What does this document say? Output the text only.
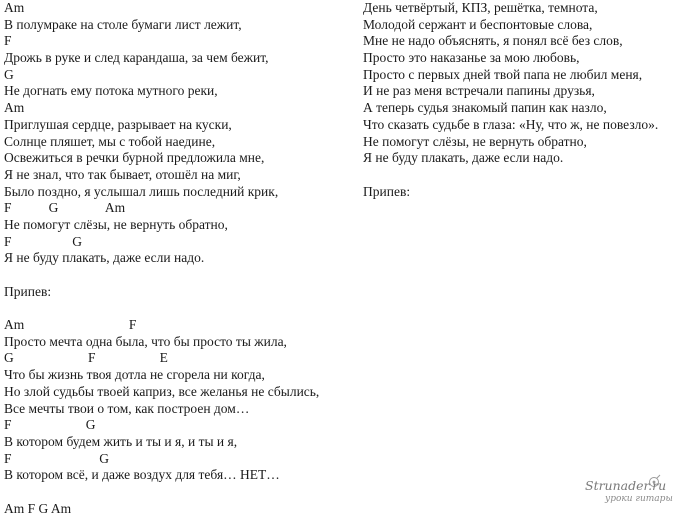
Am
В полумраке на столе бумаги лист лежит,
F
Дрожь в руке и след карандаша, за чем бежит,
G
Не догнать ему потока мутного реки,
Am
Приглушая сердце, разрывает на куски,
Солнце пляшет, мы с тобой наедине,
Освежиться в речки бурной предложила мне,
Я не знал, что так бывает, отошёл на миг,
Было поздно, я услышал лишь последний крик,
F           G              Am
Не помогут слёзы, не вернуть обратно,
F                  G
Я не буду плакать, даже если надо.
Припев:
Am                               F
Просто мечта одна была, что бы просто ты жила,
G                      F                   E
Что бы жизнь твоя дотла не сгорела ни когда,
Но злой судьбы твоей каприз, все желанья не сбылись,
Все мечты твои о том, как построен дом…
F                      G
В котором будем жить и ты и я, и ты и я,
F                          G
В котором всё, и даже воздух для тебя… НЕТ…
Am F G Am
День четвёртый, КПЗ, решётка, темнота,
Молодой сержант и беспонтовые слова,
Мне не надо объяснять, я понял всё без слов,
Просто это наказанье за мою любовь,
Просто с первых дней твой папа не любил меня,
И не раз меня встречали папины друзья,
А теперь судья знакомый папин как назло,
Что сказать судьбе в глаза: «Ну, что ж, не повезло».
Не помогут слёзы, не вернуть обратно,
Я не буду плакать, даже если надо.
Припев:
Strunader.ru
уроки гитары
